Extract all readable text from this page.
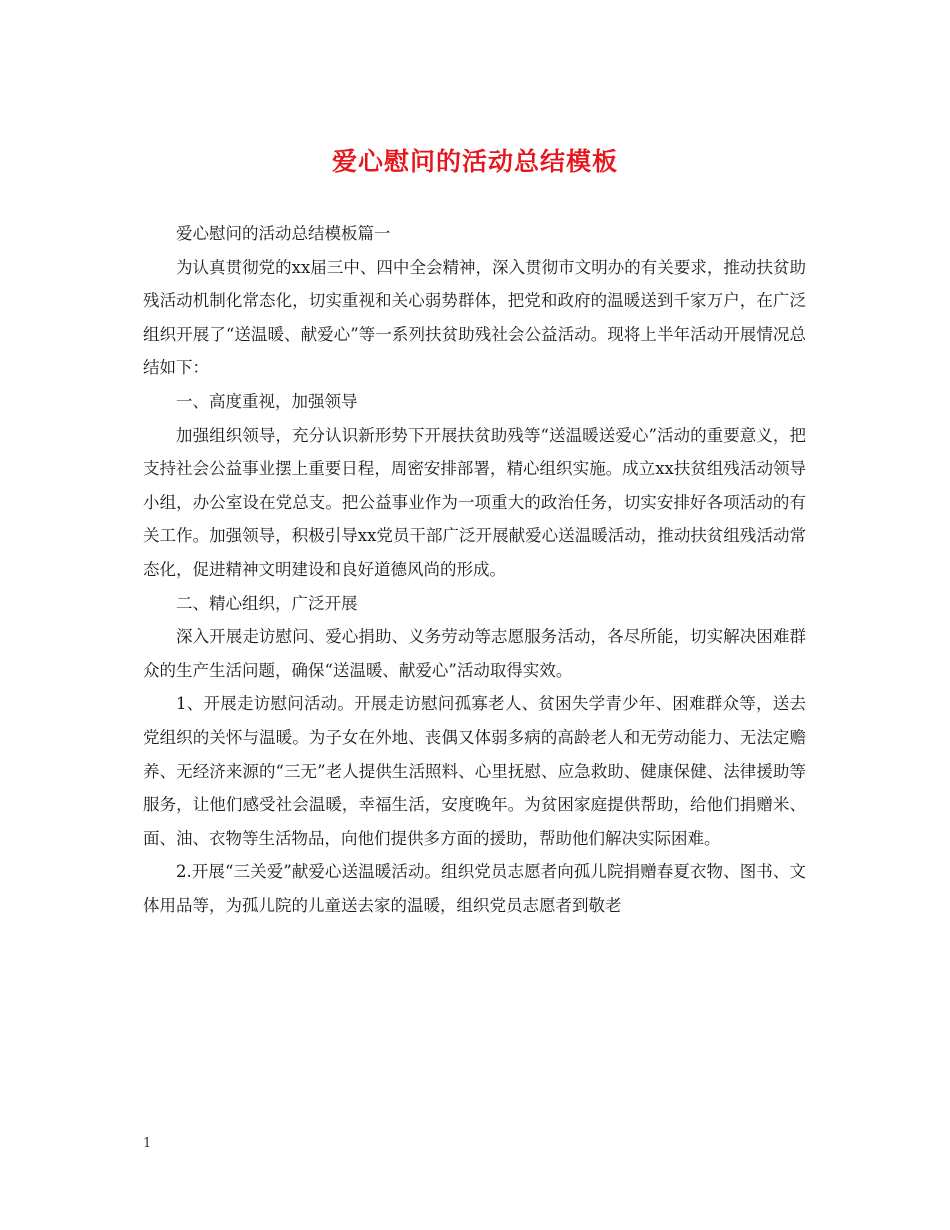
爱心慰问的活动总结模板

爱心慰问的活动总结模板篇一

为认真贯彻党的xx届三中、四中全会精神，深入贯彻市文明办的有关要求，推动扶贫助残活动机制化常态化，切实重视和关心弱势群体，把党和政府的温暖送到千家万户，在广泛组织开展了“送温暖、献爱心”等一系列扶贫助残社会公益活动。现将上半年活动开展情况总结如下：

一、高度重视，加强领导

加强组织领导，充分认识新形势下开展扶贫助残等“送温暖送爱心”活动的重要意义，把支持社会公益事业摆上重要日程，周密安排部署，精心组织实施。成立xx扶贫组残活动领导小组，办公室设在党总支。把公益事业作为一项重大的政治任务，切实安排好各项活动的有关工作。加强领导，积极引导xx党员干部广泛开展献爱心送温暖活动，推动扶贫组残活动常态化，促进精神文明建设和良好道德风尚的形成。

二、精心组织，广泛开展

深入开展走访慰问、爱心捐助、义务劳动等志愿服务活动，各尽所能，切实解决困难群众的生产生活问题，确保“送温暖、献爱心”活动取得实效。

1、开展走访慰问活动。开展走访慰问孤寡老人、贫困失学青少年、困难群众等，送去党组织的关怀与温暖。为子女在外地、丧偶又体弱多病的高龄老人和无劳动能力、无法定赡养、无经济来源的“三无”老人提供生活照料、心里抚慰、应急救助、健康保健、法律援助等服务，让他们感受社会温暖，幸福生活，安度晚年。为贫困家庭提供帮助，给他们捐赠米、面、油、衣物等生活物品，向他们提供多方面的援助，帮助他们解决实际困难。

2.开展“三关爱”献爱心送温暖活动。组织党员志愿者向孤儿院捐赠春夏衣物、图书、文体用品等，为孤儿院的儿童送去家的温暖，组织党员志愿者到敬老

1
